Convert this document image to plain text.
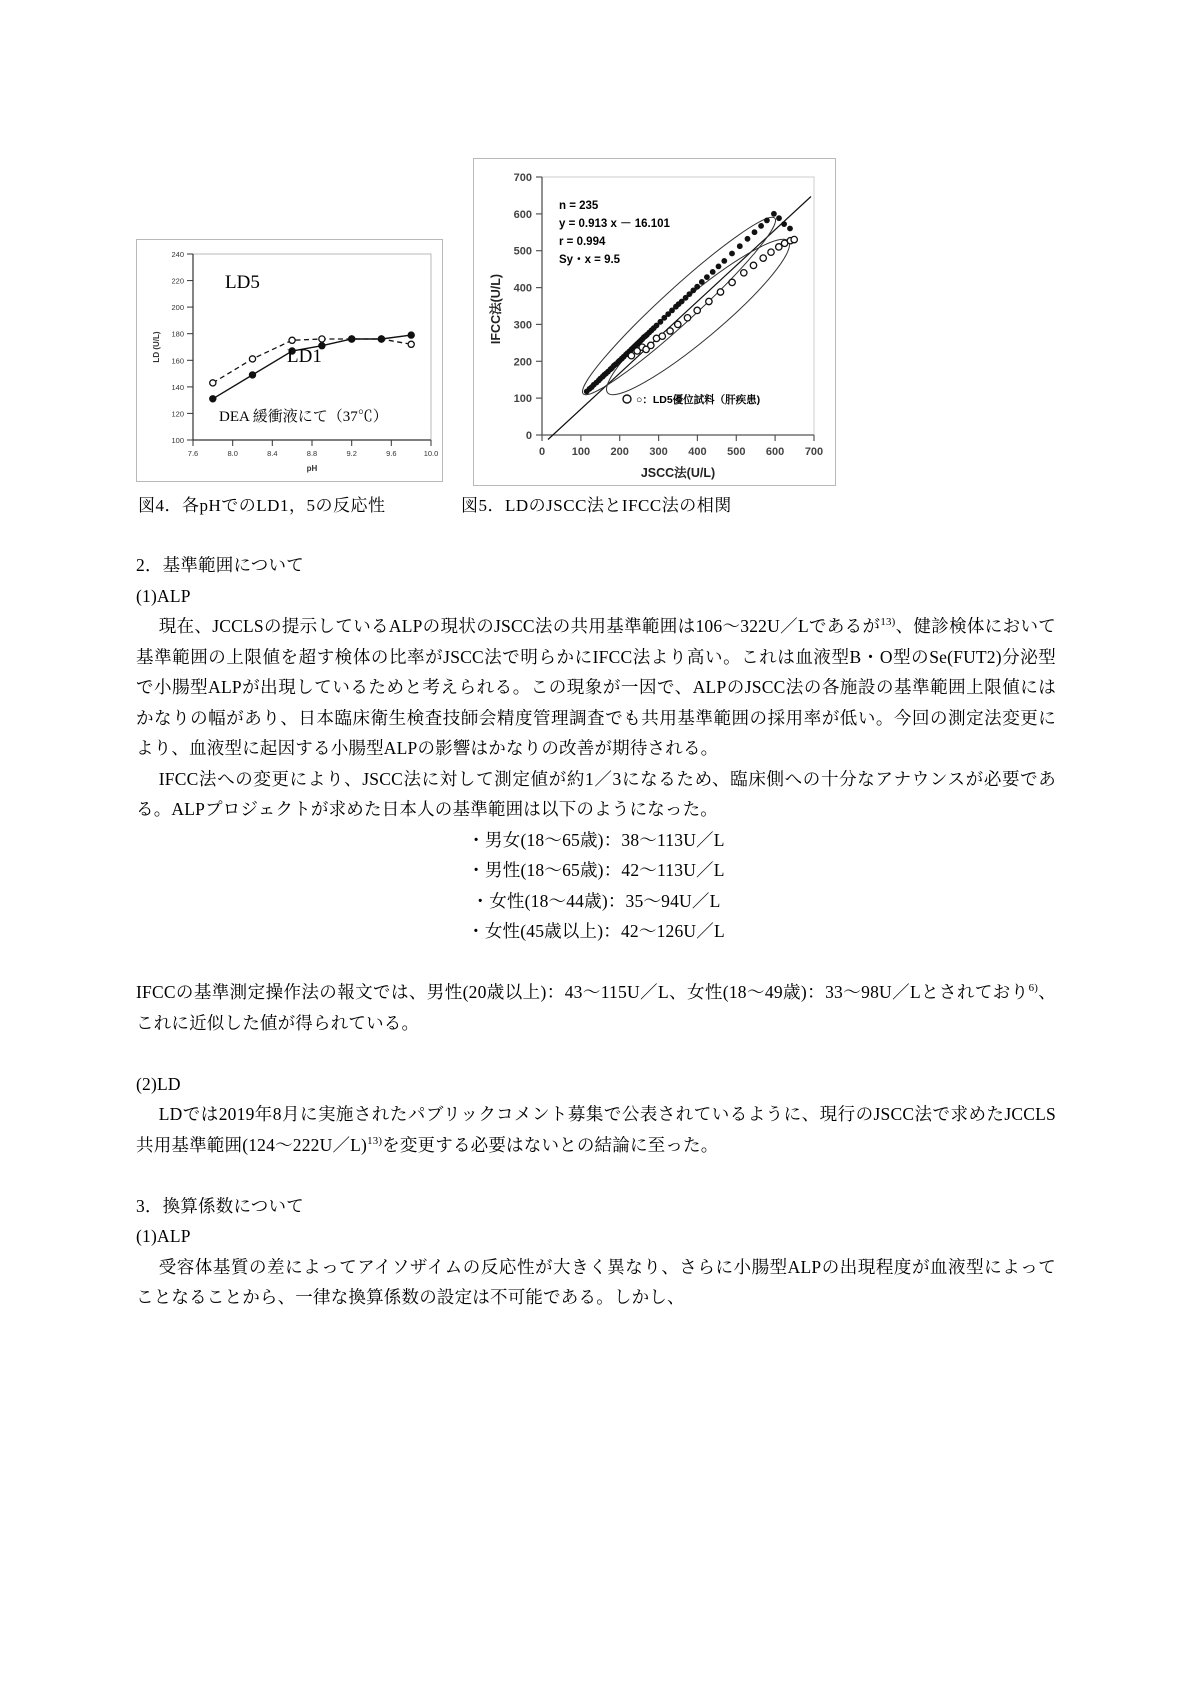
100
120
140
160
180
200
220
240
7.6	8.0	8.4	8.8	9.2	9.6	10.0
pH
LD (U/L)
LD5
LD1
DEA 緩衝液にて（37℃）
図4．各pHでのLD1，5の反応性
0
100
200
300
400
500
600
700
0 100 200 300 400 500 600 700
JSCC法(U/L)
IFCC法(U/L)
n = 235
y = 0.913 x － 16.101
r = 0.994
Sy・x = 9.5
○：LD5優位試料（肝疾患)
図5．LDのJSCC法とIFCC法の相関

2．基準範囲について

(1)ALP

現在、JCCLSの提示しているALPの現状のJSCC法の共用基準範囲は106〜322U／Lであるが$^{13)}$、健診検体において基準範囲の上限値を超す検体の比率がJSCC法で明らかにIFCC法より高い。これは血液型B・O型のSe(FUT2)分泌型で小腸型ALPが出現しているためと考えられる。この現象が一因で、ALPのJSCC法の各施設の基準範囲上限値にはかなりの幅があり、日本臨床衛生検査技師会精度管理調査でも共用基準範囲の採用率が低い。今回の測定法変更により、血液型に起因する小腸型ALPの影響はかなりの改善が期待される。

IFCC法への変更により、JSCC法に対して測定値が約1／3になるため、臨床側への十分なアナウンスが必要である。ALPプロジェクトが求めた日本人の基準範囲は以下のようになった。

・男女(18〜65歳)：38〜113U／L
・男性(18〜65歳)：42〜113U／L
・女性(18〜44歳)：35〜94U／L
・女性(45歳以上)：42〜126U／L

IFCCの基準測定操作法の報文では、男性(20歳以上)：43〜115U／L、女性(18〜49歳)：33〜98U／Lとされており$^{6)}$、これに近似した値が得られている。

(2)LD

LDでは2019年8月に実施されたパブリックコメント募集で公表されているように、現行のJSCC法で求めたJCCLS共用基準範囲(124〜222U／L)$^{13)}$を変更する必要はないとの結論に至った。

3．換算係数について

(1)ALP

受容体基質の差によってアイソザイムの反応性が大きく異なり、さらに小腸型ALPの出現程度が血液型によってことなることから、一律な換算係数の設定は不可能である。しかし、
